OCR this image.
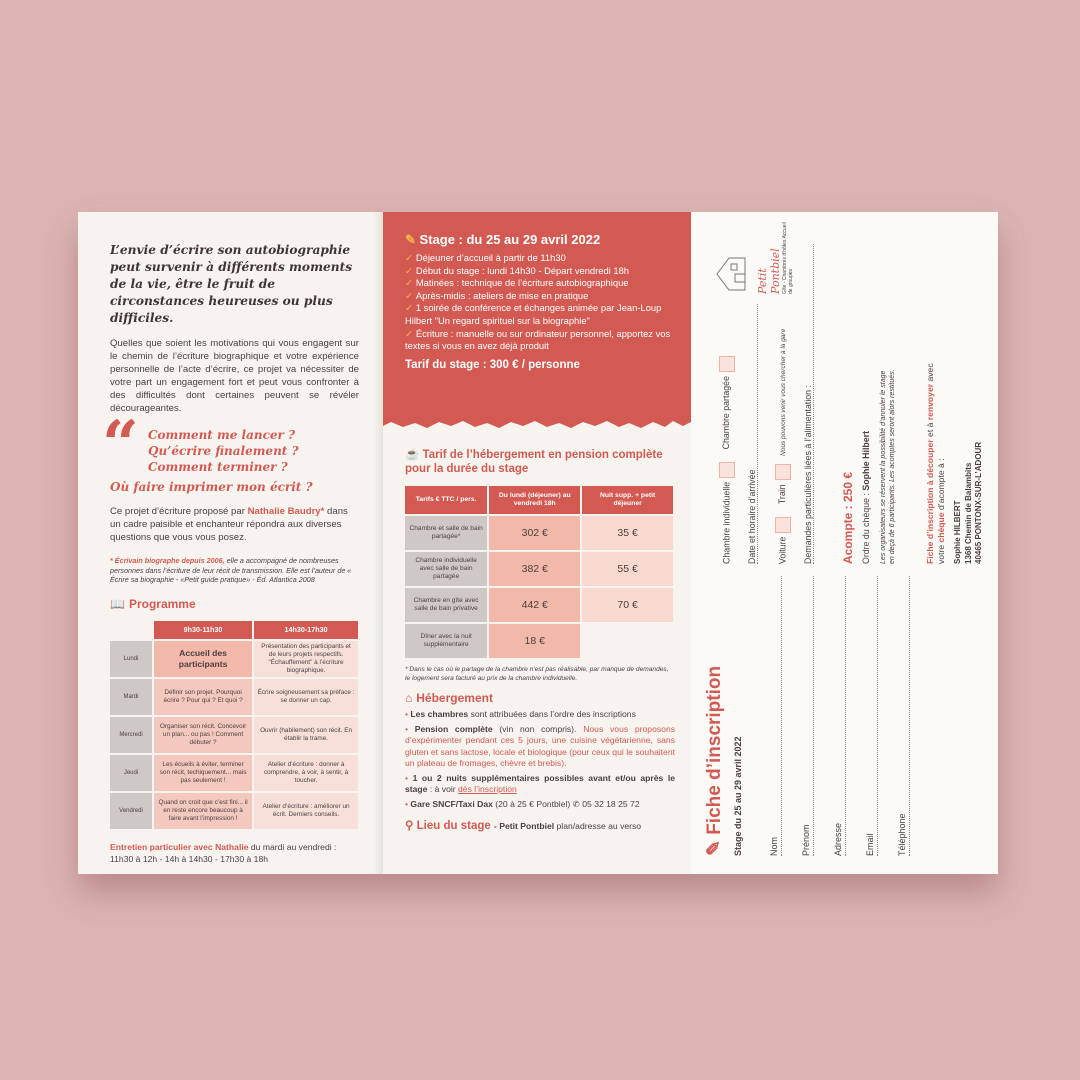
L’envie d’écrire son autobiographie peut survenir à différents moments de la vie, être le fruit de circonstances heureuses ou plus difficiles.

Quelles que soient les motivations qui vous engagent sur le chemin de l’écriture biographique et votre expérience personnelle de l’acte d’écrire, ce projet va nécessiter de votre part un engagement fort et peut vous confronter à des difficultés dont certaines peuvent se révéler décourageantes.

“ Comment me lancer ? Qu’écrire finalement ? Comment terminer ?
Où faire imprimer mon écrit ?

Ce projet d’écriture proposé par Nathalie Baudry* dans un cadre paisible et enchanteur répondra aux diverses questions que vous vous posez.

* Écrivain biographe depuis 2006, elle a accompagné de nombreuses personnes dans l’écriture de leur récit de transmission. Elle est l’auteur de « Écrire sa biographie - «Petit guide pratique» - Éd. Atlantica 2008

📖 Programme
	9h30-11h30	14h30-17h30
Lundi	Accueil des participants	Présentation des participants et de leurs projets respectifs. "Échauffement" à l’écriture biographique.
Mardi	Définir son projet. Pourquoi écrire ? Pour qui ? Et quoi ?	Écrire soigneusement sa préface : se donner un cap.
Mercredi	Organiser son récit. Concevoir un plan... ou pas ! Comment débuter ?	Ouvrir (habilement) son récit. En établir la trame.
Jeudi	Les écueils à éviter, terminer son récit, techiquement... mais pas seulement !	Atelier d’écriture : donner à comprendre, à voir, à sentir, à toucher.
Vendredi	Quand on croit que c’est fini... il en reste encore beaucoup à faire avant l’impression !	Atelier d’écriture : améliorer un écrit. Derniers conseils.

Entretien particulier avec Nathalie du mardi au vendredi : 11h30 à 12h - 14h à 14h30 - 17h30 à 18h

✎ Stage : du 25 au 29 avril 2022
✓ Déjeuner d’accueil à partir de 11h30
✓ Début du stage : lundi 14h30 - Départ vendredi 18h
✓ Matinées : technique de l’écriture autobiographique
✓ Après-midis : ateliers de mise en pratique
✓ 1 soirée de conférence et échanges animée par Jean-Loup Hilbert "Un regard spirituel sur la biographie"
✓ Écriture : manuelle ou sur ordinateur personnel, apportez vos textes si vous en avez déjà produit
Tarif du stage : 300 € / personne
☕ Tarif de l’hébergement en pension complète pour la durée du stage
Tarifs € TTC / pers.	Du lundi (déjeuner) au vendredi 18h	Nuit supp. + petit déjeuner
Chambre et salle de bain partagée*	302 €	35 €
Chambre individuelle avec salle de bain partagée	382 €	55 €
Chambre en gîte avec salle de bain privative	442 €	70 €
Dîner avec la nuit supplémentaire	18 €	

* Dans le cas où le partage de la chambre n’est pas réalisable, par manque de demandes, le logement sera facturé au prix de la chambre individuelle.

⌂ Hébergement

• Les chambres sont attribuées dans l’ordre des inscriptions

• Pension complète (vin non compris). Nous vous proposons d’expérimenter pendant ces 5 jours, une cuisine végétarienne, sans gluten et sans lactose, locale et biologique (pour ceux qui le souhaitent un plateau de fromages, chèvre et brebis).

• 1 ou 2 nuits supplémentaires possibles avant et/ou après le stage : à voir dès l’inscription

• Gare SNCF/Taxi Dax (20 à 25 € Pontbiel) ✆ 05 32 18 25 72

⚲ Lieu du stage - Petit Pontbiel plan/adresse au verso
✎ Fiche d’inscription Stage du 25 au 29 avril 2022	Nom	Prénom	Adresse	Email	Téléphone
Chambre individuelle Chambre partagée
Date et horaire d’arrivée Voiture Train Nous pouvons venir vous chercher à la gare	Demandes particulières liées à l’alimentation : Acompte : 250 € Ordre du chèque : Sophie Hilbert Les organisateurs se réservent la possibilité d’annuler le stage en deçà de 6 participants. Les acomptes seront alors restitués.	Fiche d’inscription à découper et à renvoyer avec votre chèque d’acompte à :
Sophie HILBERT 1368 Chemin de Balambits 40465 PONTONX-SUR-L’ADOUR
Petit Pontbiel Gîte - Chambres d’hôtes Accueil de groupes
